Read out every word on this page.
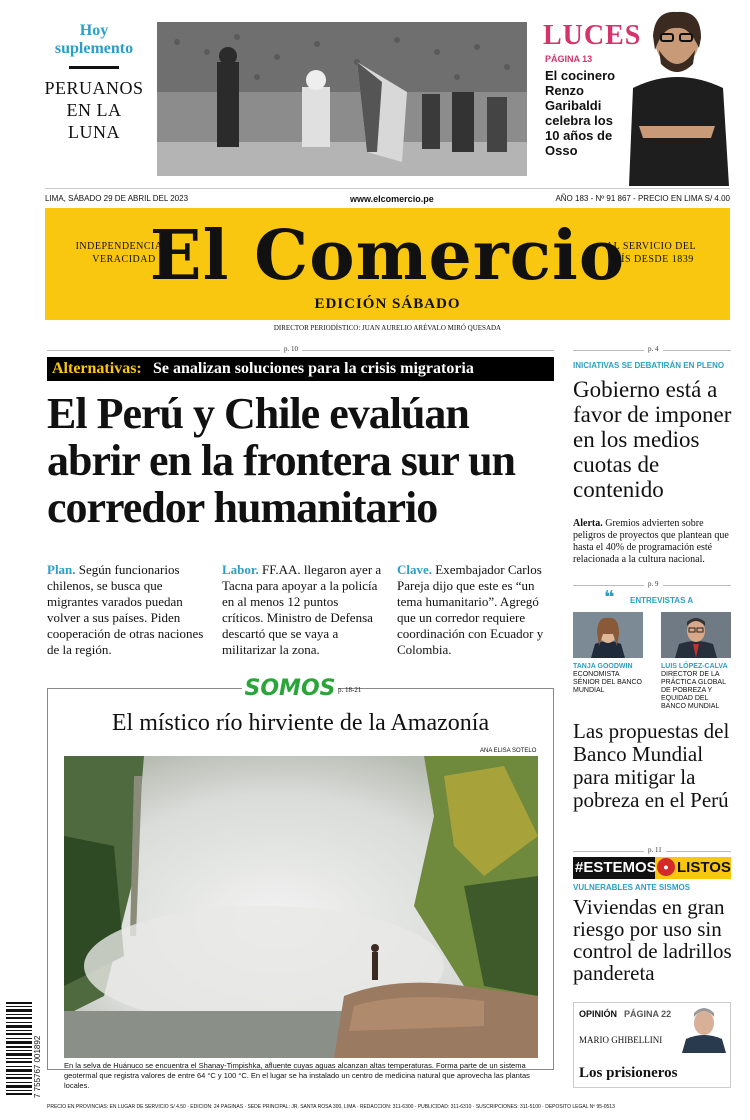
Hoy suplemento
PERUANOS EN LA LUNA
LUCES
PÁGINA 13
El cocinero Renzo Garibaldi celebra los 10 años de Osso
LIMA, SÁBADO 29 DE ABRIL DEL 2023	www.elcomercio.pe	AÑO 183 - Nº 91 867 - PRECIO EN LIMA S/ 4.00
INDEPENDENCIA Y VERACIDAD
El Comercio
AL SERVICIO DEL PAÍS DESDE 1839
EDICIÓN SÁBADO
DIRECTOR PERIODÍSTICO: JUAN AURELIO ARÉVALO MIRÓ QUESADA
p. 10
Alternativas: Se analizan soluciones para la crisis migratoria
El Perú y Chile evalúan abrir en la frontera sur un corredor humanitario
Plan. Según funcionarios chilenos, se busca que migrantes varados puedan volver a sus países. Piden cooperación de otras naciones de la región.
Labor. FF.AA. llegaron ayer a Tacna para apoyar a la policía en al menos 12 puntos críticos. Ministro de Defensa descartó que se vaya a militarizar la zona.
Clave. Exembajador Carlos Pareja dijo que este es “un tema humanitario”. Agregó que un corredor requiere coordinación con Ecuador y Colombia.
SOMOS p. 18-21
El místico río hirviente de la Amazonía
ANA ELISA SOTELO
En la selva de Huánuco se encuentra el Shanay-Timpishka, afluente cuyas aguas alcanzan altas temperaturas. Forma parte de un sistema geotermal que registra valores de entre 64 °C y 100 °C. En el lugar se ha instalado un centro de medicina natural que aprovecha las plantas locales.
p. 4
INICIATIVAS SE DEBATIRÁN EN PLENO
Gobierno está a favor de imponer en los medios cuotas de contenido
Alerta. Gremios advierten sobre peligros de proyectos que plantean que hasta el 40% de programación esté relacionada a la cultura nacional.
p. 9
❝ ENTREVISTAS A
TANJA GOODWIN
ECONOMISTA SÉNIOR DEL BANCO MUNDIAL
LUIS LÓPEZ-CALVA
DIRECTOR DE LA PRÁCTICA GLOBAL DE POBREZA Y EQUIDAD DEL BANCO MUNDIAL
Las propuestas del Banco Mundial para mitigar la pobreza en el Perú
p. 11
#ESTEMOS ● LISTOS
VULNERABLES ANTE SISMOS
Viviendas en gran riesgo por uso sin control de ladrillos pandereta
OPINIÓN PÁGINA 22
MARIO GHIBELLINI
Los prisioneros
7 755767 001892
PRECIO EN PROVINCIAS: EN LUGAR DE SERVICIO S/ 4.50 · EDICIÓN: 24 PÁGINAS · SEDE PRINCIPAL: JR. SANTA ROSA 300, LIMA · REDACCIÓN: 311-6300 · PUBLICIDAD: 311-6310 · SUSCRIPCIONES: 311-5100 · DEPÓSITO LEGAL Nº 95-0513
